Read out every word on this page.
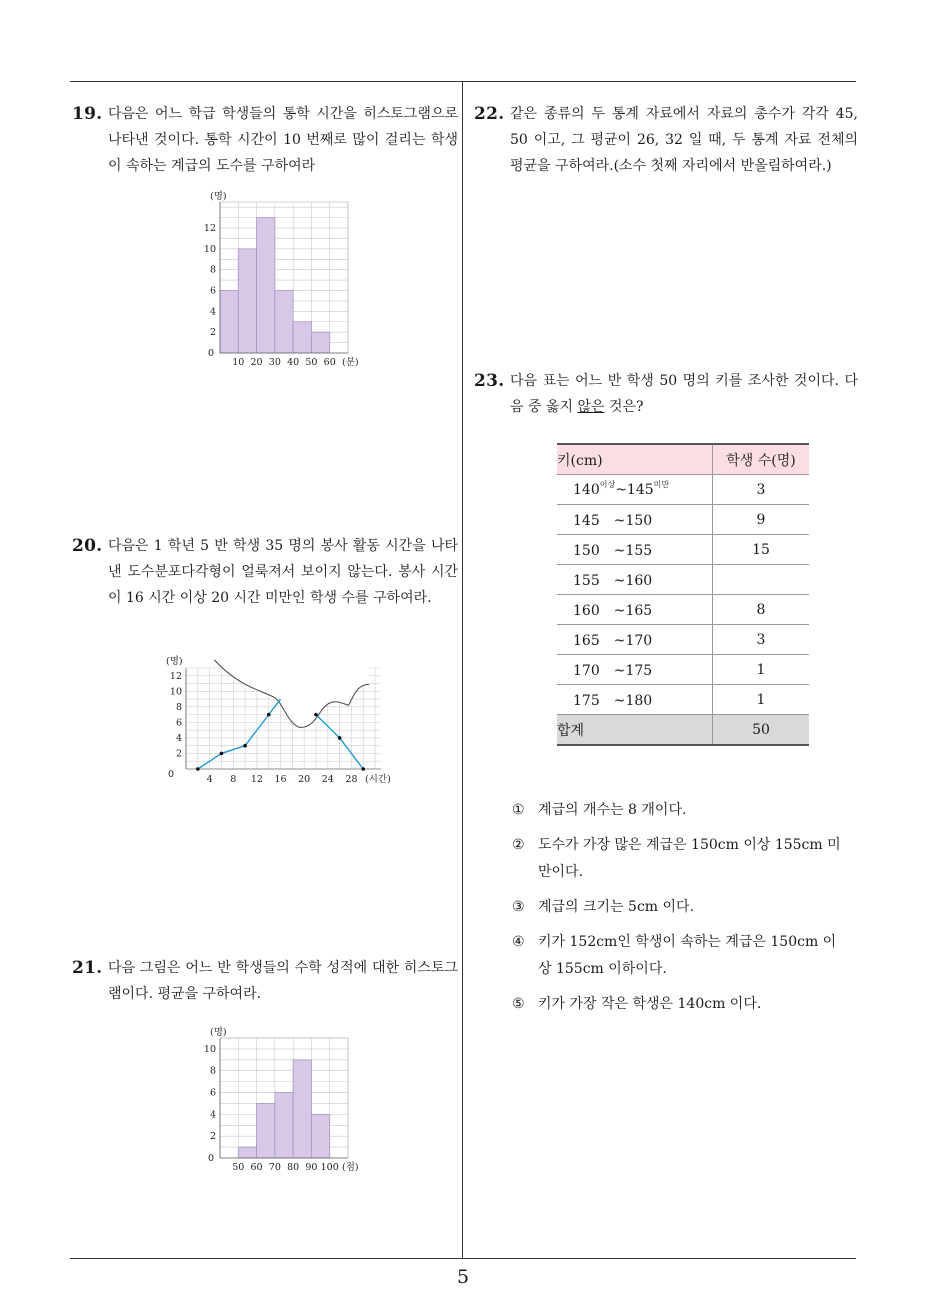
19. 다음은 어느 학급 학생들의 통학 시간을 히스토그램으로 나타낸 것이다. 통학 시간이 10 번째로 많이 걸리는 학생이 속하는 계급의 도수를 구하여라
2
4
6
8
10
12
10 20 30 40 50 60
0
(명)
(분)
20. 다음은 1 학년 5 반 학생 35 명의 봉사 활동 시간을 나타낸 도수분포다각형이 얼룩져서 보이지 않는다. 봉사 시간이 16 시간 이상 20 시간 미만인 학생 수를 구하여라.
2
4
6
8
10
12
4 8 12 16 20 24 28
0
(명)
(시간)
21. 다음 그림은 어느 반 학생들의 수학 성적에 대한 히스토그램이다. 평균을 구하여라.
2
4
6
8
10
50 60 70 80 90 100
0
(명)
(점)
22. 같은 종류의 두 통계 자료에서 자료의 총수가 각각 45, 50 이고, 그 평균이 26, 32 일 때, 두 통계 자료 전체의 평균을 구하여라.(소수 첫째 자리에서 반올림하여라.)
23. 다음 표는 어느 반 학생 50 명의 키를 조사한 것이다. 다음 중 옳지 않은 것은?
키(cm)	학생 수(명)
$140^{이상}\sim 145^{미만}$	3
145　~150	9
150　~155	15
155　~160	
160　~165	8
165　~170	3
170　~175	1
175　~180	1
합계	50
① 계급의 개수는 8 개이다.
② 도수가 가장 많은 계급은 150cm 이상 155cm 미만이다.
③ 계급의 크기는 5cm 이다.
④ 키가 152cm인 학생이 속하는 계급은 150cm 이상 155cm 이하이다.
⑤ 키가 가장 작은 학생은 140cm 이다.
5
